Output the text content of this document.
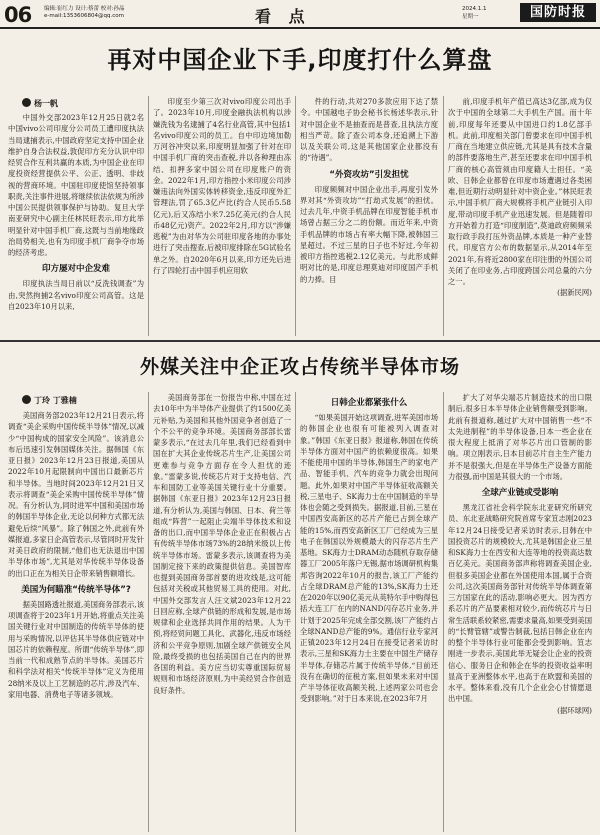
06 编辑:崔红力 设计:蔡蕾 校对:孙晶
e-mail:1353606804@qq.com	看 点	2024.1.1
星期一	国防时报
再对中国企业下手,印度打什么算盘
杨一帆

中国外交部2023年12月25日就2名中国vivo公司印度分公司员工遭印度执法当局逮捕表示,中国政府坚定支持中国企业维护自身合法权益,敦促印方充分认识中印经贸合作互利共赢的本质,为中国企业在印度投资经营提供公平、公正、透明、非歧视的营商环境。中国驻印度使馆坚持领事职责,关注事件进展,将继续依法依规为所涉中国公民提供领事保护与协助。复旦大学南亚研究中心副主任林民旺表示,印方此举明显针对中国手机厂商,这既与当前地缘政治局势相关,也有为印度手机厂商争夺市场的经济考虑。

印方屡对中企发难

印度执法当局日前以“反洗钱调查”为由,突然拘捕2名vivo印度公司高管。这是自2023年10月以来,

印度至少第三次对vivo印度公司出手了。2023年10月,印度金融执法机构以涉嫌洗钱为名逮捕了4名行业高管,其中包括1名vivo印度公司的员工。自中印边境加勒万河谷冲突以来,印度明显加强了针对在印中国手机厂商的突击查税,并以各种理由冻结、扣押多家中国公司在印度账户的资金。2022年1月,印方指控小米印度公司涉嫌违法向外国实体转移资金,违反印度外汇管理法,罚了65.3亿卢比(约合人民币5.58亿元),后又冻结小米7.25亿美元(约合人民币48亿元)资产。2022年2月,印方以“涉嫌逃税”为由对华为公司驻印度各地的办事处进行了突击搜查,后被印度排除在5G试验名单之外。自2020年6月以来,印方还先后进行了四轮打击中国手机应用软

件的行动,共对270多款应用下达了禁令。中国越电子协会秘书长杨述华表示,针对中国企业不是抽查而是普查,且执法方度相当严苛。除了查公司本身,还追溯上下游以及关联公司,这是其他国家企业都没有的“待遇”。

“外资攻坊”引发担忧

印度频频对中国企业出手,再度引发外界对其“外资攻坊”“打劫式发展”的担忧。过去几年,中资手机品牌在印度智能手机市场曾占据三分之二的份额。而近年来,中资手机品牌的市场占有率大幅下降,被韩国三星超过。不过三星的日子也不好过,今年初被印方指控逃税2.12亿美元。与此形成鲜明对比的是,印度总理莫迪对印度国产手机的力捧。目

前,印度手机年产值已高达3亿部,成为仅次于中国的全球第二大手机生产国。而十年前,印度每年还要从中国进口约1.8亿部手机。此前,印度相关部门曾要求在印中国手机厂商在当地建立供应链,尤其是具有技术含量的部件要落地生产,甚至还要求在印中国手机厂商的核心高管须由印度籍人士担任。“美欧、日韩企业都曾在印度市场遭遇过各类困难,但近期行动明显针对中资企业。”林民旺表示,中国手机厂商大规模将手机产业链引入印度,带动印度手机产业迅速发展。但是随着印方开始着力打造“印度制造”,莫迪政府频频采取行政手段打压外资品牌,本质是一种产业替代。印度官方公布的数据显示,从2014年至2021年,有将近2800家在印注册的外国公司关闭了在印业务,占印度跨国公司总量的六分之一。

(据新民网)
外媒关注中企正攻占传统半导体市场
丁玲 丁雅楠

美国商务部2023年12月21日表示,将调查“美企采购中国传统半导体”情况,以减少“中国构成的国家安全风险”。该消息公布后迅速引发韩国媒体关注。据韩国《东亚日报》2023年12月23日报道,美国从2022年10月起限制向中国出口最新芯片和半导体。当地时间2023年12月21日又表示将调查“美企采购中国传统半导体”情况。有分析认为,同时进军中国和美国市场的韩国半导体企业,无论以何种方式都无法避免后续“风暴”。除了韩国之外,此前有外媒报道,多家日企高管表示,尽管同时开发针对美日政府的限制,“他们也无法退出中国半导体市场”,尤其是对华传统半导体设备的出口正在为相关日企带来销售额增长。

美国为何瞄准“传统半导体”?

据美国路透社报道,美国商务部表示,该项调查将于2023年1月开始,将重点关注美国关键行业对中国制造的传统半导体的使用与采购情况,以评估其半导体供应链对中国芯片的依赖程度。所谓“传统半导体”,即当前一代和成熟节点的半导体。美国芯片和科学法对相关“传统半导体”定义为使用28纳米及以上工艺制造的芯片,涉及汽车、家用电器、消费电子等诸多领域。

美国商务部在一份报告中称,中国在过去10年中为半导体产业提供了约1500亿美元补贴,为美国和其他外国竞争者创造了一个不公平的竞争环境。美国商务部部长雷蒙多表示,“在过去几年里,我们已经看到中国在扩大其企业传统芯片生产,让美国公司更难参与竞争方面存在令人担忧的迹象。”雷蒙多说,传统芯片对于支持电信、汽车和国防工业等美国关键行业十分重要。据韩国《东亚日报》2023年12月23日报道,有分析认为,美国与韩国、日本、荷兰等组成“阵营”一起阻止尖端半导体技术和设备的出口,而中国半导体企业正在积极占占有传统半导体市场73%的28纳米级以上传统半导体市场。雷蒙多表示,该调查将为美国制定接下来的政策提供信息。美国智库也提到美国商务部首要的进攻线是,这可能包括对关税或其他贸易工具的使用。对此,中国外交部发言人汪文斌2023年12月22日回应称,全球产供链的形成和发展,是市场规律和企业选择共同作用的结果。人为干预,将经贸问题工具化、武器化,违反市场经济和公平竞争原则,加剧全球产供链安全风险,最终受损的也包括美国自己在内的世界各国的利益。美方应当切实尊重国际贸易规则和市场经济原则,为中美经贸合作创造良好条件。

日韩企业都紧张什么

“如果美国开始这项调查,进军美国市场的韩国企业也很有可能被列入调查对象。”韩国《东亚日报》报道称,韩国在传统半导体方面对中国产的依赖度很高。如果不能使用中国的半导体,韩国生产的家电产品、智能手机、汽车的竞争力就会出现问题。此外,如果对中国产半导体征收高额关税,三星电子、SK海力士在中国制造的半导体也会随之受到损失。据报道,目前,三星在中国西安高新区的芯片产能已占到全球产能的15%,而西安高新区工厂已经成为三星电子在韩国以外规模最大的闪存芯片生产基地。SK海力士DRAM动态随机存取存储器工厂2005年落户无锡,据市场调研机构集邦咨询2022年10月的报告,该工厂产能约占全球DRAM总产能的13%,SK海力士还在2020年以90亿美元从英特尔手中购得包括大连工厂在内的NAND闪存芯片业务,并计划于2025年完成全部交割,该厂产能约占全球NAND总产能的9%。通信行业专家河正镇2023年12月24日在接受记者采访时表示,三星和SK海力士主要在中国生产储存半导体,存储芯片属于传统半导体,“目前还没有在确切的征税方案,但如果未来对中国产半导体征收高额关税,上述两家公司也会受到影响。”对于日本来说,在2023年7月

扩大了对华尖端芯片制造技术的出口限制后,很多日本半导体企业销售额受到影响。此前有报道称,越过扩大对中国销售一些“不太先进制程”的半导体设备,日本一些企业在很大程度上抵消了对华芯片出口管制的影响。项立刚表示,日本目前芯片自主生产能力并不是很强大,但是在半导体生产设备方面能力很强,而中国是其很大的一个市场。

全球产业链或受影响

黑龙江省社会科学院东北亚研究所研究员、东北亚战略研究院首席专家笪志刚2023年12月24日接受记者采访时表示,目韩在中国投资芯片的规模较大,尤其是韩国企业三星和SK海力士在西安和大连等地的投资高达数百亿美元。美国商务部声称将调查美国企业,但很多美国企业都在外国使用本国,属于合资公司,这次美国商务部针对传统半导体调查第三方国家在此的活动,影响必更大。因为西方系芯片的产品要素相对较少,而传统芯片与日常生活联系较紧密,需要求量高,如果受到美国的“长臂管辖”或警告制裁,包括日韩企业在内的整个半导体行业可能都会受到影响。笪志刚进一步表示,美国此举无疑会让企业的投资信心、服务日企和韩企在华的投资收益率明显高于亚洲整体水平,也高于在欧盟和美国的水平。整体来看,没有几个企业会心甘情愿退出中国。

(据环球网)
